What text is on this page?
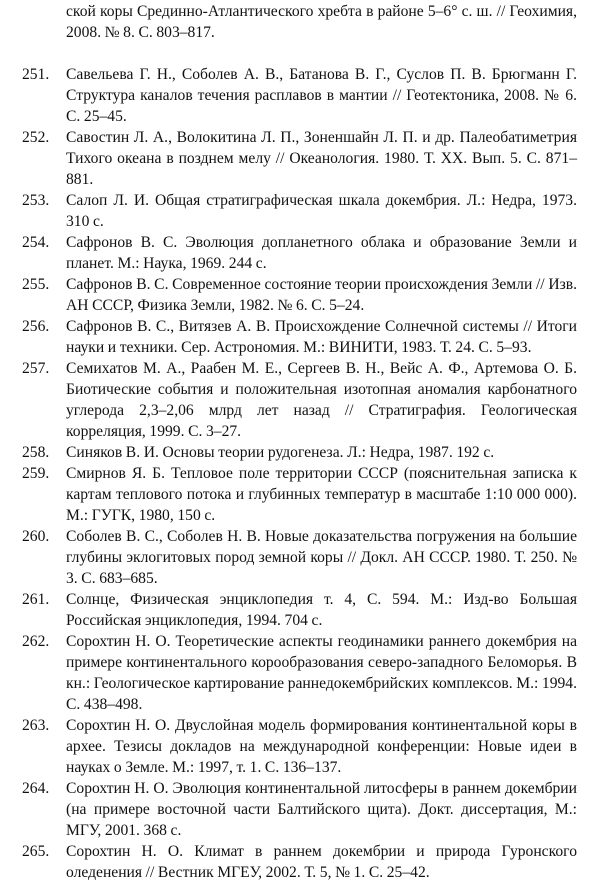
ской коры Срединно-Атлантического хребта в районе 5–6° с. ш. // Геохимия, 2008. № 8. С. 803–817.
251. Савельева Г. Н., Соболев А. В., Батанова В. Г., Суслов П. В. Брюгманн Г. Структура каналов течения расплавов в мантии // Геотектоника, 2008. № 6. С. 25–45.
252. Савостин Л. А., Волокитина Л. П., Зоненшайн Л. П. и др. Палеобатиметрия Тихого океана в позднем мелу // Океанология. 1980. Т. XX. Вып. 5. С. 871–881.
253. Салоп Л. И. Общая стратиграфическая шкала докембрия. Л.: Недра, 1973. 310 с.
254. Сафронов В. С. Эволюция допланетного облака и образование Земли и планет. М.: Наука, 1969. 244 с.
255. Сафронов В. С. Современное состояние теории происхождения Земли // Изв. АН СССР, Физика Земли, 1982. № 6. С. 5–24.
256. Сафронов В. С., Витязев А. В. Происхождение Солнечной системы // Итоги науки и техники. Сер. Астрономия. М.: ВИНИТИ, 1983. Т. 24. С. 5–93.
257. Семихатов М. А., Раабен М. Е., Сергеев В. Н., Вейс А. Ф., Артемова О. Б. Биотические события и положительная изотопная аномалия карбонатного углерода 2,3–2,06 млрд лет назад // Стратиграфия. Геологическая корреляция, 1999. С. 3–27.
258. Синяков В. И. Основы теории рудогенеза. Л.: Недра, 1987. 192 с.
259. Смирнов Я. Б. Тепловое поле территории СССР (пояснительная записка к картам теплового потока и глубинных температур в масштабе 1:10 000 000). М.: ГУГК, 1980, 150 с.
260. Соболев В. С., Соболев Н. В. Новые доказательства погружения на большие глубины эклогитовых пород земной коры // Докл. АН СССР. 1980. Т. 250. № 3. С. 683–685.
261. Солнце, Физическая энциклопедия т. 4, С. 594. М.: Изд-во Большая Российская энциклопедия, 1994. 704 с.
262. Сорохтин Н. О. Теоретические аспекты геодинамики раннего докембрия на примере континентального корообразования северо-западного Беломорья. В кн.: Геологическое картирование раннедокембрийских комплексов. М.: 1994. С. 438–498.
263. Сорохтин Н. О. Двуслойная модель формирования континентальной коры в архее. Тезисы докладов на международной конференции: Новые идеи в науках о Земле. М.: 1997, т. 1. С. 136–137.
264. Сорохтин Н. О. Эволюция континентальной литосферы в раннем докембрии (на примере восточной части Балтийского щита). Докт. диссертация, М.: МГУ, 2001. 368 с.
265. Сорохтин Н. О. Климат в раннем докембрии и природа Гуронского оледенения // Вестник МГЕУ, 2002. Т. 5, № 1. С. 25–42.
